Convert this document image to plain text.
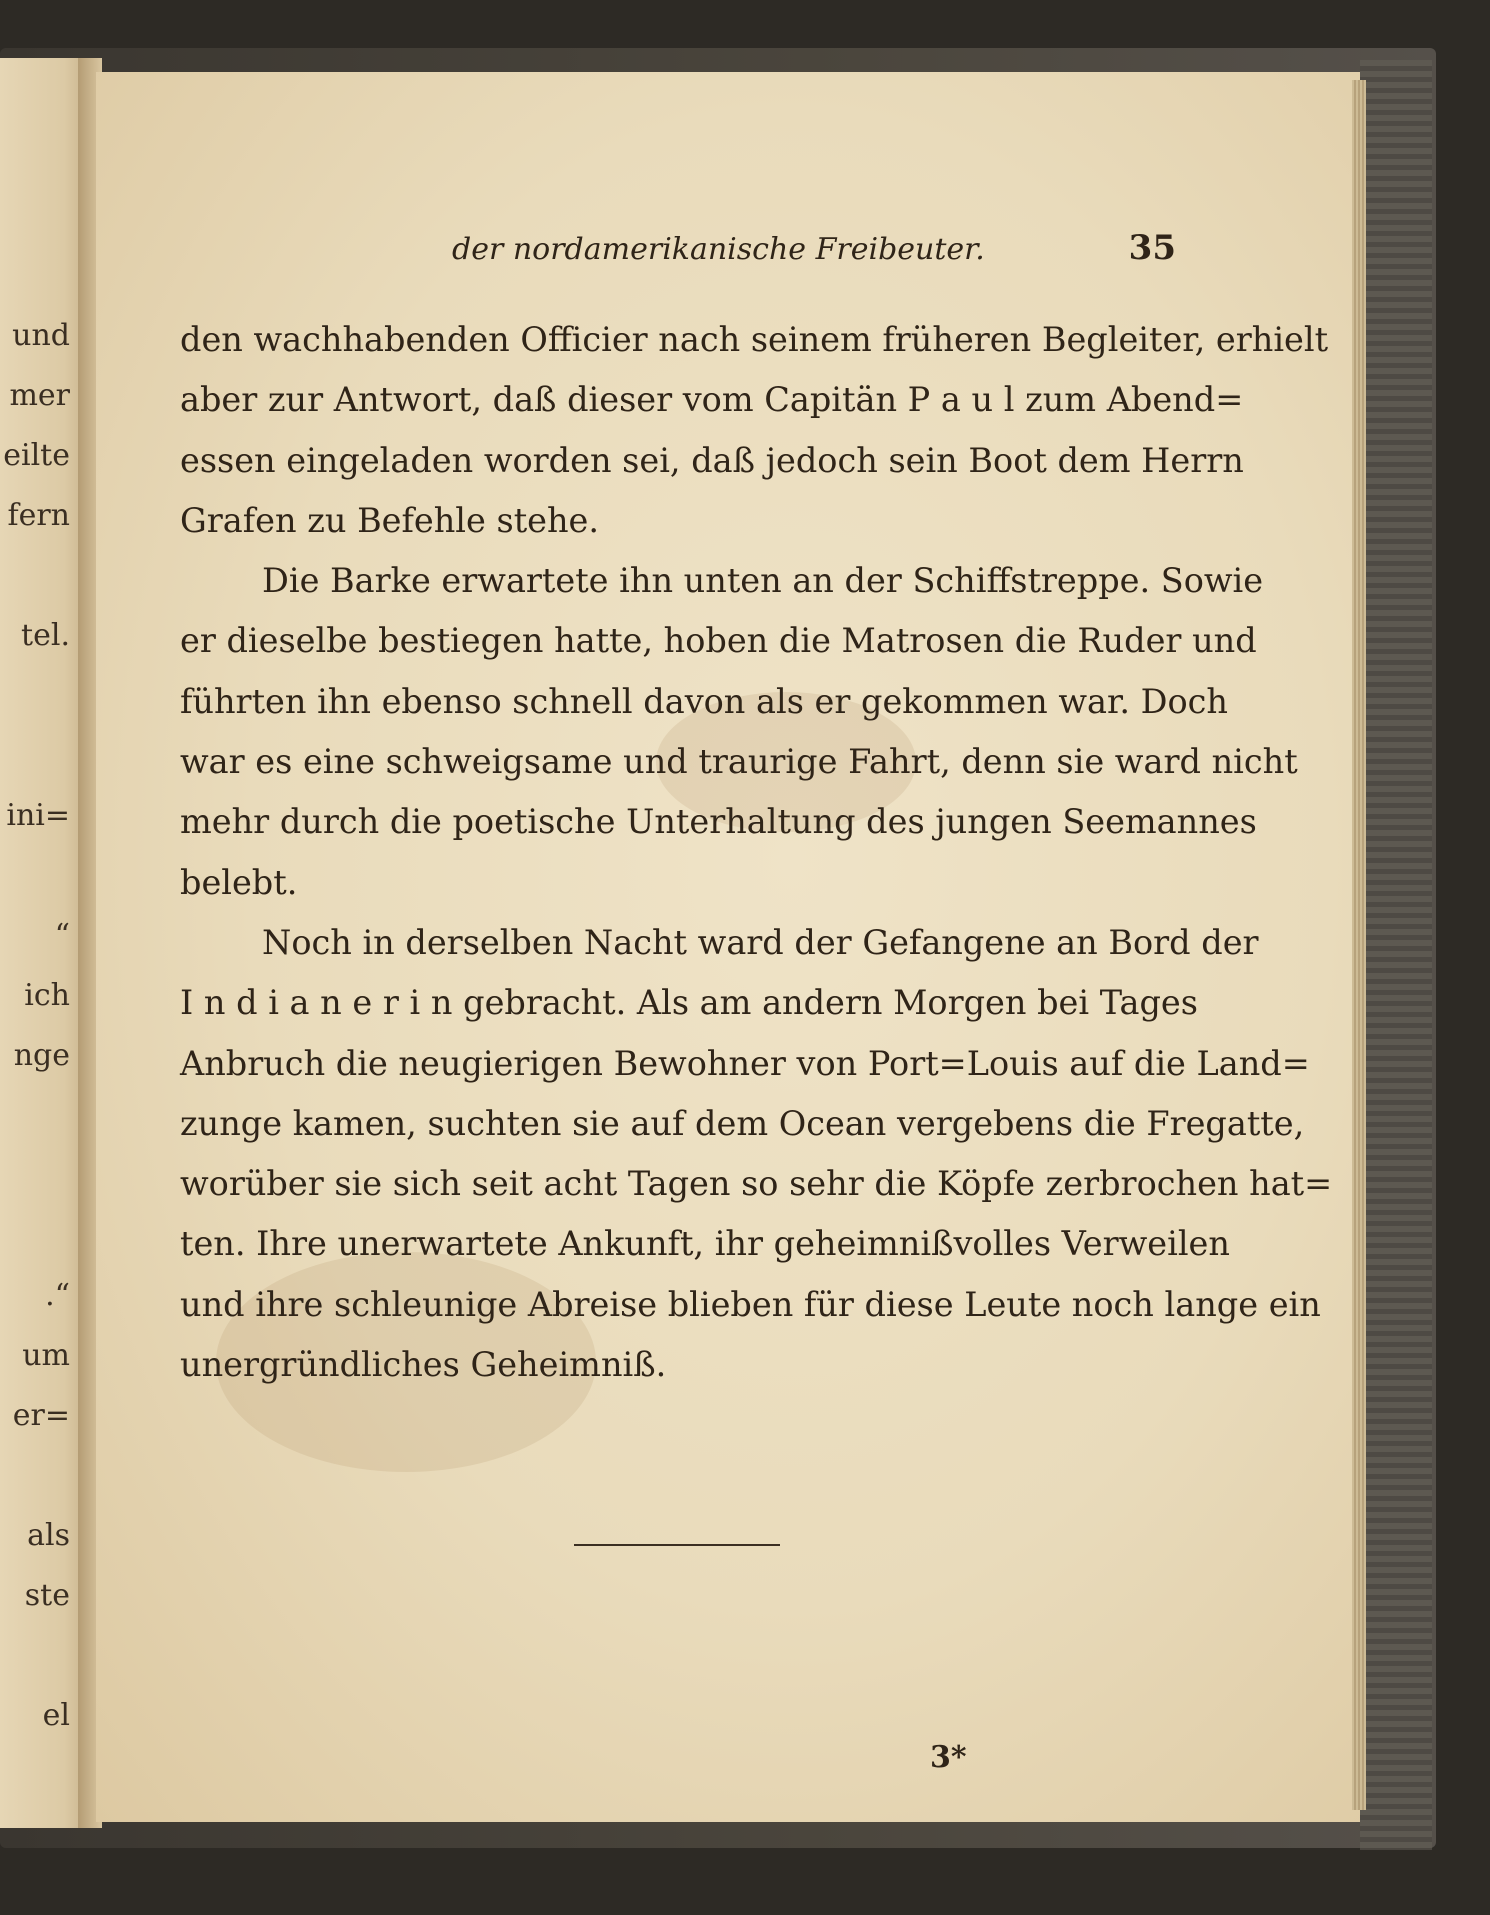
der nordamerikanische Freibeuter.	35
den wachhabenden Officier nach seinem früheren Begleiter, erhielt
aber zur Antwort, daß dieser vom Capitän P a u l zum Abend=
essen eingeladen worden sei, daß jedoch sein Boot dem Herrn
Grafen zu Befehle stehe.
Die Barke erwartete ihn unten an der Schiffstreppe. Sowie
er dieselbe bestiegen hatte, hoben die Matrosen die Ruder und
führten ihn ebenso schnell davon als er gekommen war. Doch
war es eine schweigsame und traurige Fahrt, denn sie ward nicht
mehr durch die poetische Unterhaltung des jungen Seemannes
belebt.
Noch in derselben Nacht ward der Gefangene an Bord der
I n d i a n e r i n gebracht. Als am andern Morgen bei Tages
Anbruch die neugierigen Bewohner von Port=Louis auf die Land=
zunge kamen, suchten sie auf dem Ocean vergebens die Fregatte,
worüber sie sich seit acht Tagen so sehr die Köpfe zerbrochen hat=
ten. Ihre unerwartete Ankunft, ihr geheimnißvolles Verweilen
und ihre schleunige Abreise blieben für diese Leute noch lange ein
unergründliches Geheimniß.
3*
und
mer
eilte
fern
tel.
ini=
“
ich
nge
.“
um
er=
als
ste
el
